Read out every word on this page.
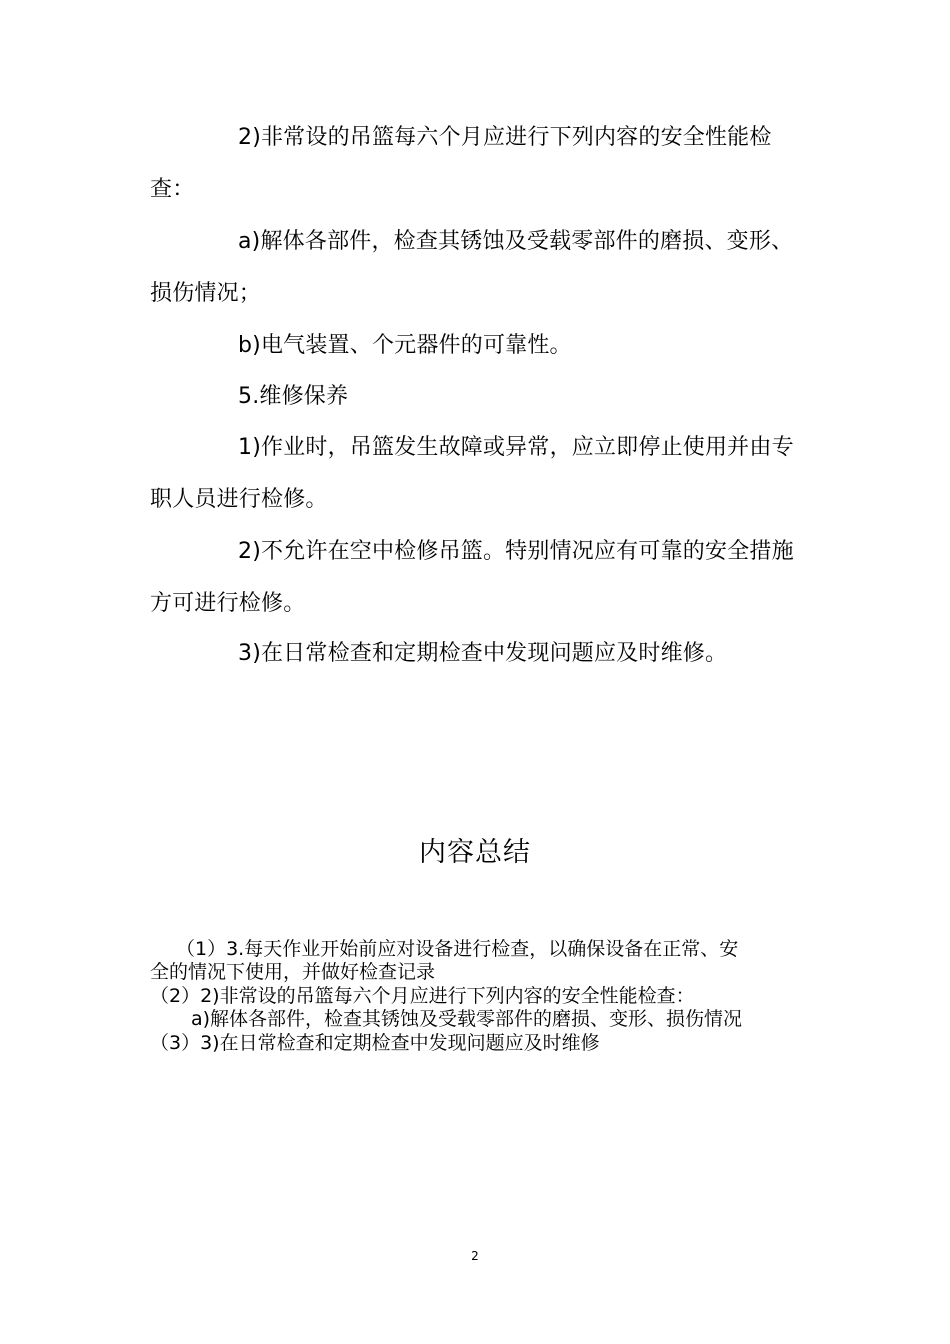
2)非常设的吊篮每六个月应进行下列内容的安全性能检
查：
a)解体各部件，检查其锈蚀及受载零部件的磨损、变形、
损伤情况；
b)电气装置、个元器件的可靠性。
5.维修保养
1)作业时，吊篮发生故障或异常，应立即停止使用并由专
职人员进行检修。
2)不允许在空中检修吊篮。特别情况应有可靠的安全措施
方可进行检修。
3)在日常检查和定期检查中发现问题应及时维修。
内容总结
（1）3.每天作业开始前应对设备进行检查，以确保设备在正常、安
全的情况下使用，并做好检查记录
（2）2)非常设的吊篮每六个月应进行下列内容的安全性能检查：
a)解体各部件，检查其锈蚀及受载零部件的磨损、变形、损伤情况
（3）3)在日常检查和定期检查中发现问题应及时维修
2
